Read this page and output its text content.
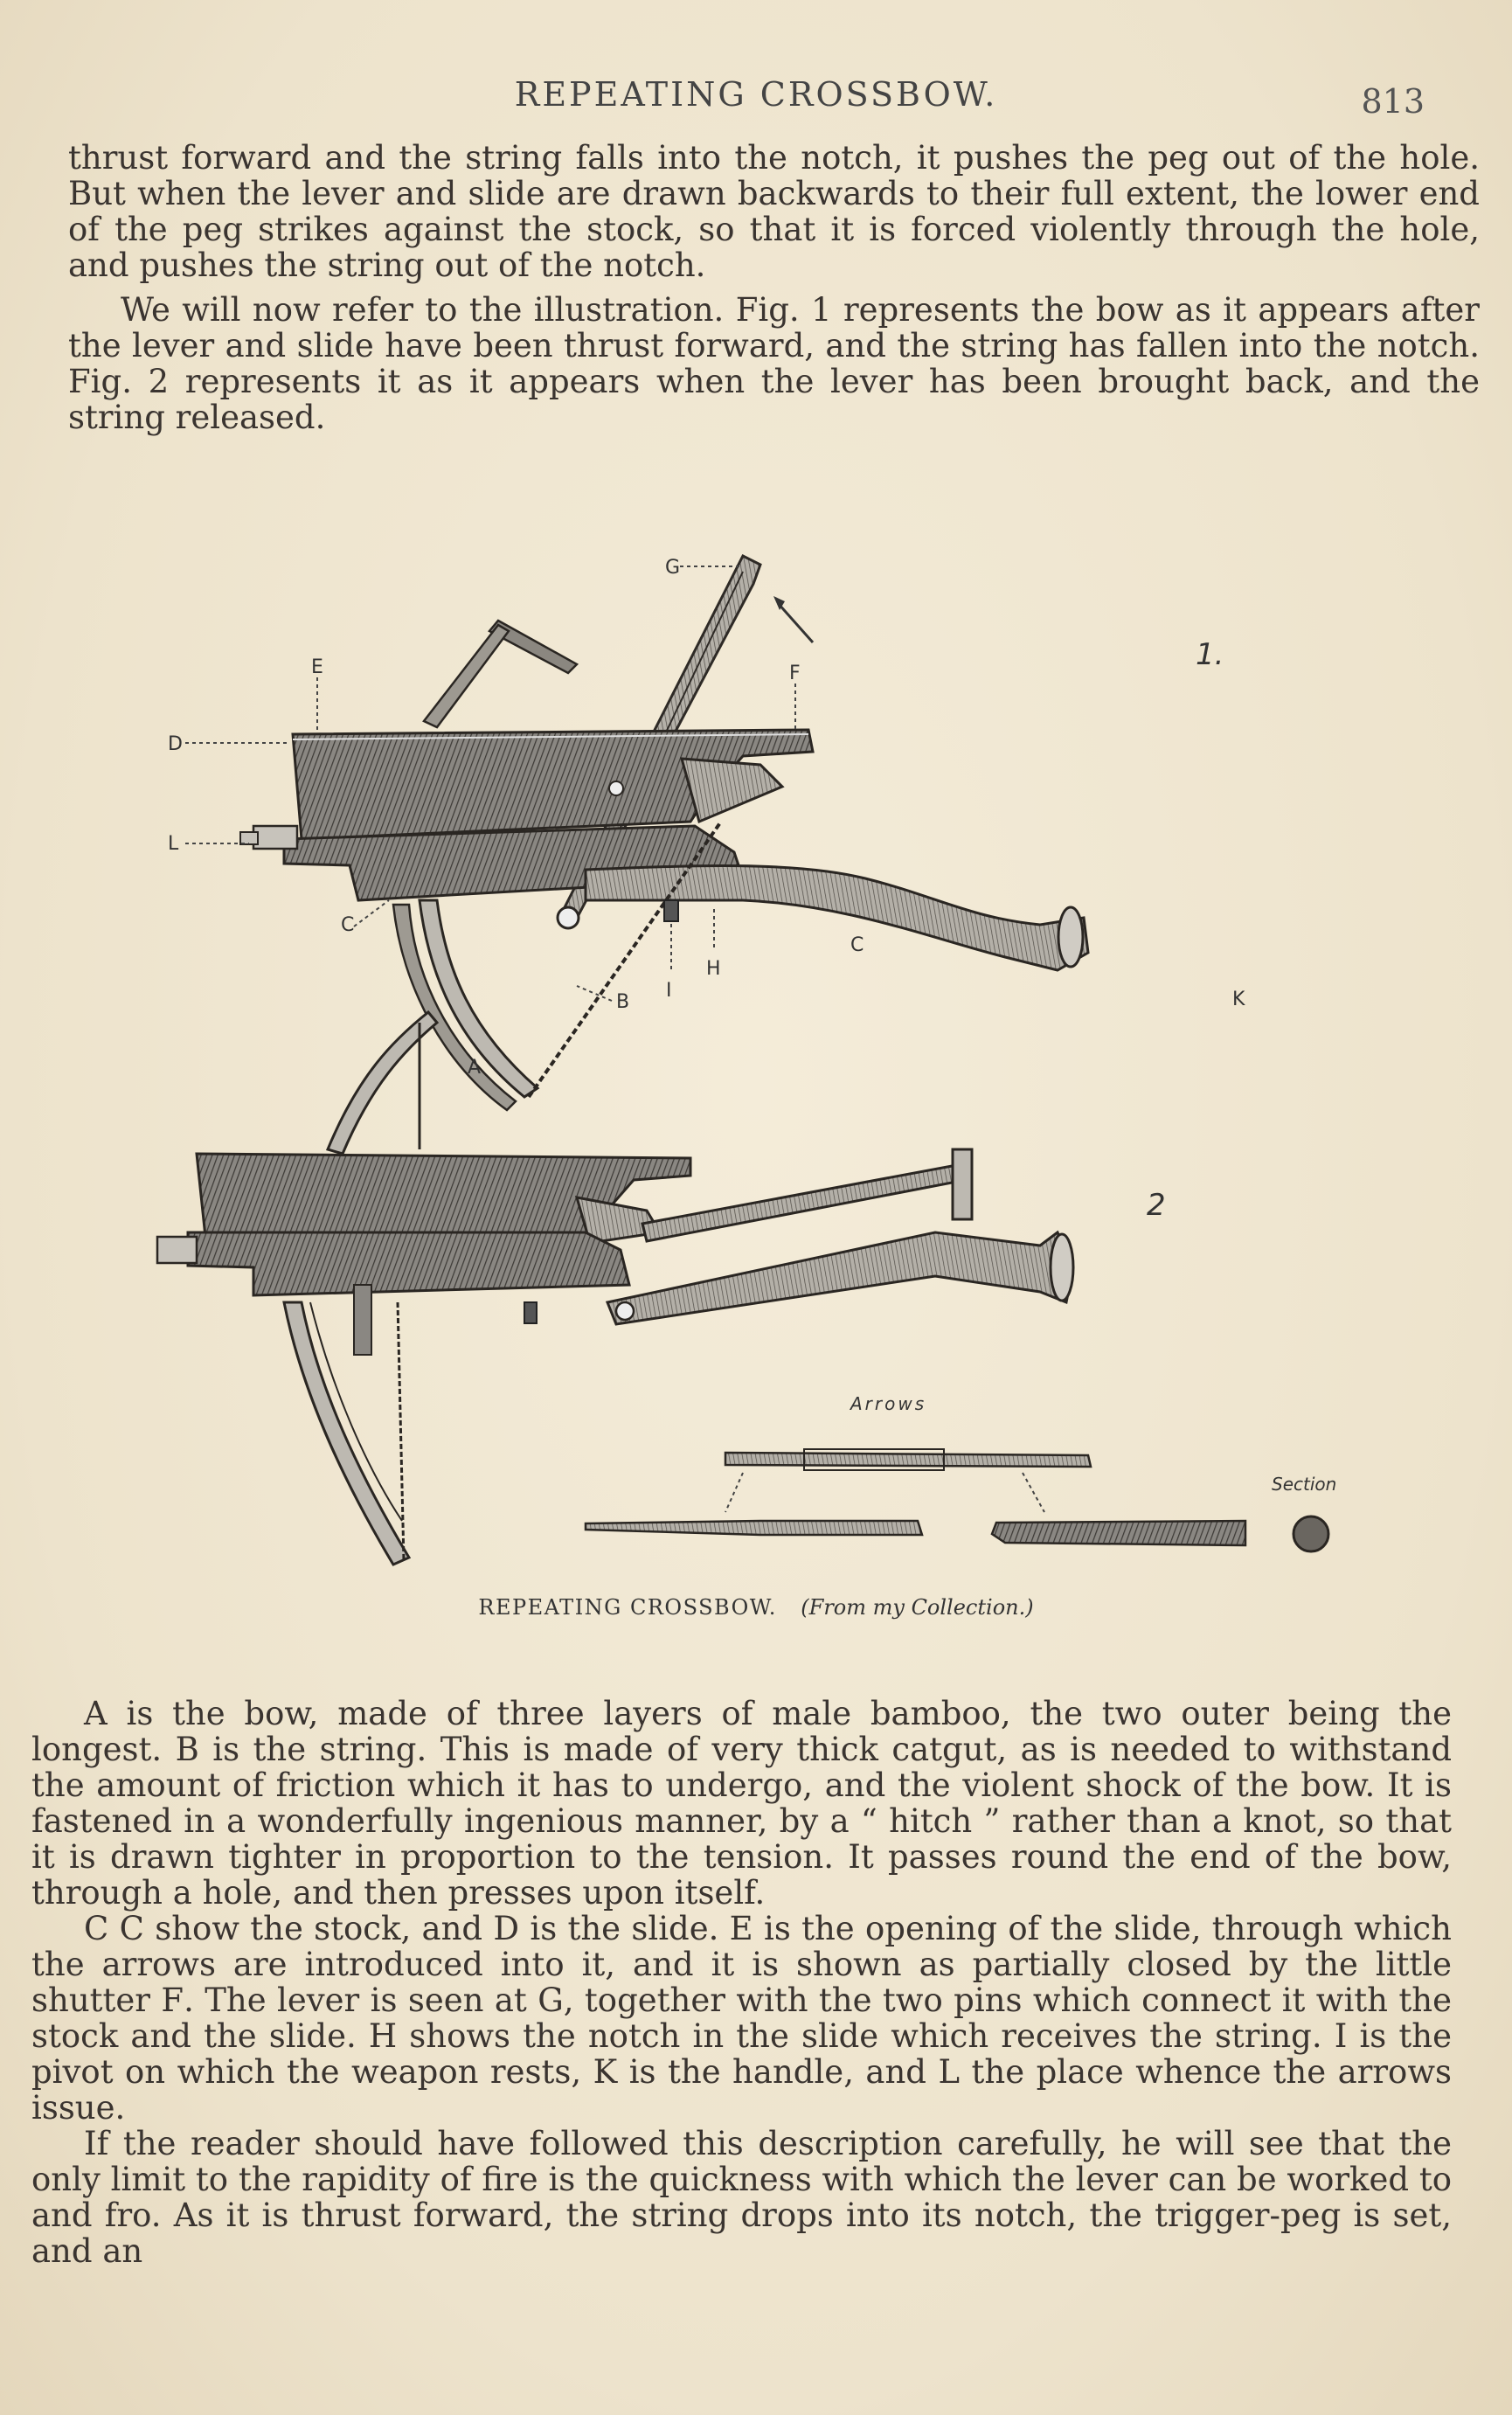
REPEATING CROSSBOW.	813

thrust forward and the string falls into the notch, it pushes the peg out of the hole. But when the lever and slide are drawn backwards to their full extent, the lower end of the peg strikes against the stock, so that it is forced violently through the hole, and pushes the string out of the notch.

We will now refer to the illustration. Fig. 1 represents the bow as it appears after the lever and slide have been thrust forward, and the string has fallen into the notch. Fig. 2 represents it as it appears when the lever has been brought back, and the string released.

D
L
E	F
G
C
C
H
I
B
A
K
1.
2
Arrows
Section
REPEATING CROSSBOW. (From my Collection.)

A is the bow, made of three layers of male bamboo, the two outer being the longest. B is the string. This is made of very thick catgut, as is needed to withstand the amount of friction which it has to undergo, and the violent shock of the bow. It is fastened in a wonderfully ingenious manner, by a “ hitch ” rather than a knot, so that it is drawn tighter in proportion to the tension. It passes round the end of the bow, through a hole, and then presses upon itself.

C C show the stock, and D is the slide. E is the opening of the slide, through which the arrows are introduced into it, and it is shown as partially closed by the little shutter F. The lever is seen at G, together with the two pins which connect it with the stock and the slide. H shows the notch in the slide which receives the string. I is the pivot on which the weapon rests, K is the handle, and L the place whence the arrows issue.

If the reader should have followed this description carefully, he will see that the only limit to the rapidity of fire is the quickness with which the lever can be worked to and fro. As it is thrust forward, the string drops into its notch, the trigger-peg is set, and an
